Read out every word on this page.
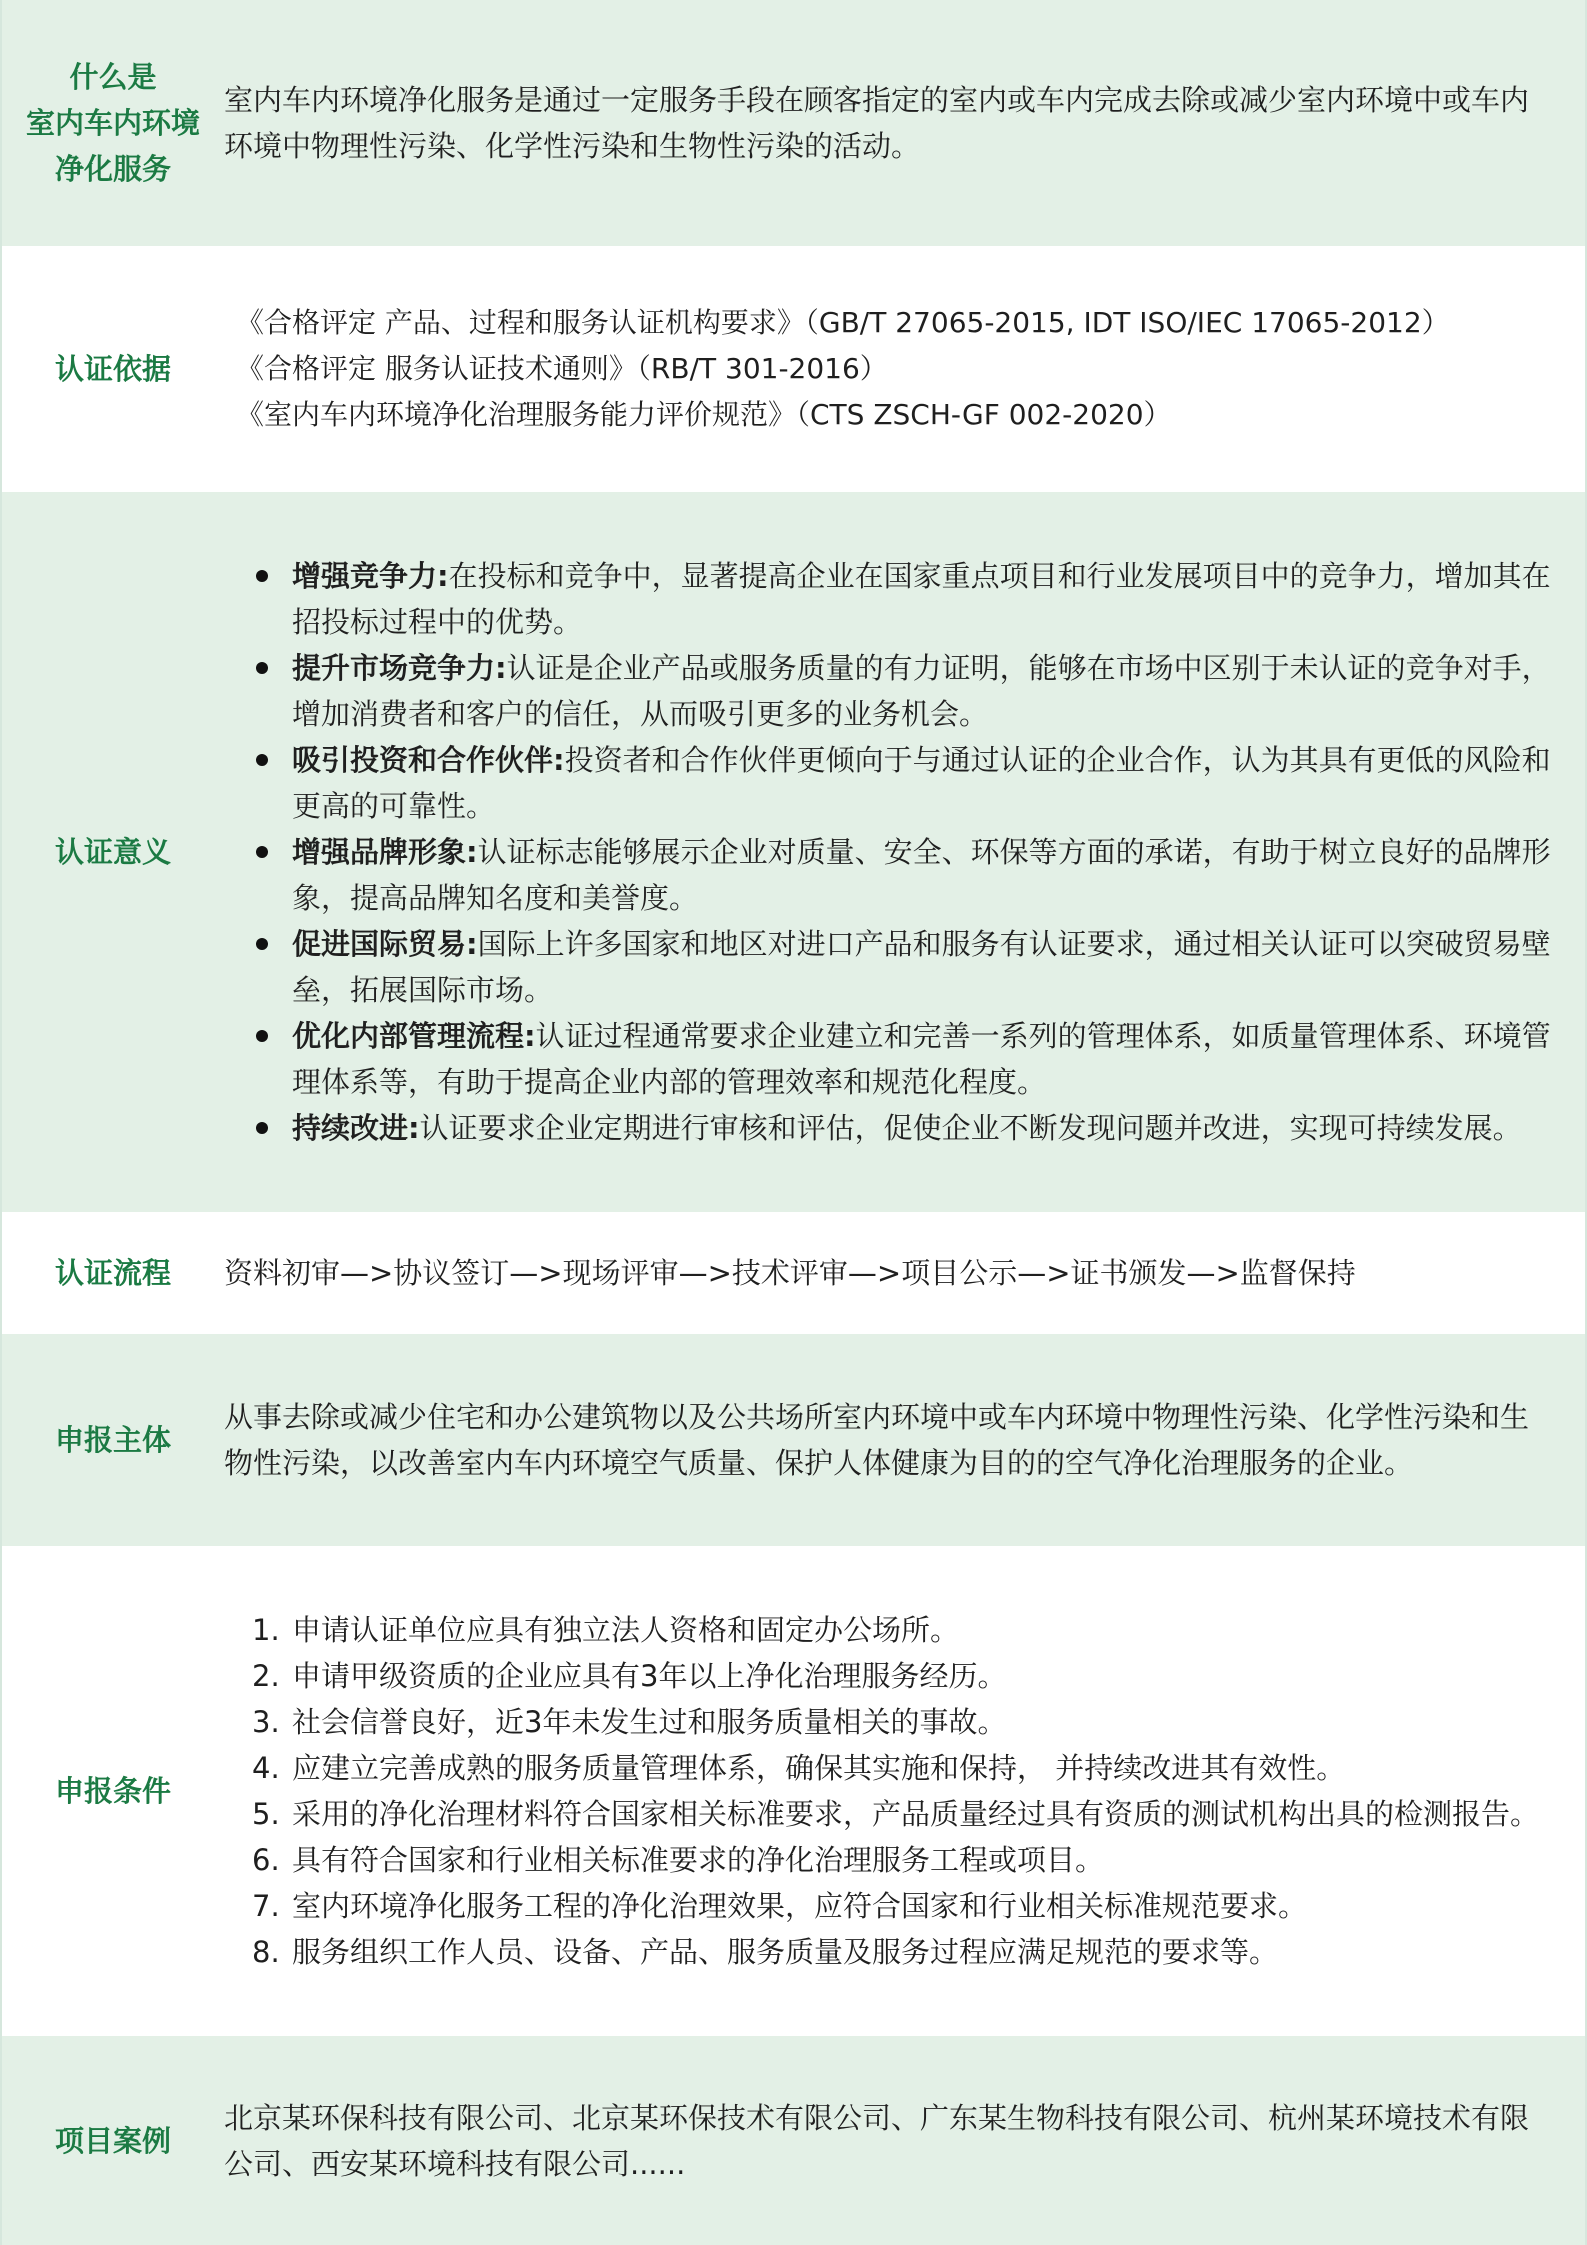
什么是
室内车内环境
净化服务
室内车内环境净化服务是通过一定服务手段在顾客指定的室内或车内完成去除或减少室内环境中或车内环境中物理性污染、化学性污染和生物性污染的活动。
认证依据
《合格评定 产品、过程和服务认证机构要求》（GB/T 27065-2015, IDT ISO/IEC 17065-2012）
《合格评定 服务认证技术通则》（RB/T 301-2016）
《室内车内环境净化治理服务能力评价规范》（CTS ZSCH-GF 002-2020）
认证意义
增强竞争力:在投标和竞争中，显著提高企业在国家重点项目和行业发展项目中的竞争力，增加其在招投标过程中的优势。
提升市场竞争力:认证是企业产品或服务质量的有力证明，能够在市场中区别于未认证的竞争对手，增加消费者和客户的信任，从而吸引更多的业务机会。
吸引投资和合作伙伴:投资者和合作伙伴更倾向于与通过认证的企业合作，认为其具有更低的风险和更高的可靠性。
增强品牌形象:认证标志能够展示企业对质量、安全、环保等方面的承诺，有助于树立良好的品牌形象，提高品牌知名度和美誉度。
促进国际贸易:国际上许多国家和地区对进口产品和服务有认证要求，通过相关认证可以突破贸易壁垒，拓展国际市场。
优化内部管理流程:认证过程通常要求企业建立和完善一系列的管理体系，如质量管理体系、环境管理体系等，有助于提高企业内部的管理效率和规范化程度。
持续改进:认证要求企业定期进行审核和评估，促使企业不断发现问题并改进，实现可持续发展。
认证流程	资料初审—>协议签订—>现场评审—>技术评审—>项目公示—>证书颁发—>监督保持
申报主体
从事去除或减少住宅和办公建筑物以及公共场所室内环境中或车内环境中物理性污染、化学性污染和生物性污染，以改善室内车内环境空气质量、保护人体健康为目的的空气净化治理服务的企业。
申报条件
1. 申请认证单位应具有独立法人资格和固定办公场所。
2. 申请甲级资质的企业应具有3年以上净化治理服务经历。
3. 社会信誉良好，近3年未发生过和服务质量相关的事故。
4. 应建立完善成熟的服务质量管理体系，确保其实施和保持， 并持续改进其有效性。
5. 采用的净化治理材料符合国家相关标准要求，产品质量经过具有资质的测试机构出具的检测报告。
6. 具有符合国家和行业相关标准要求的净化治理服务工程或项目。
7. 室内环境净化服务工程的净化治理效果，应符合国家和行业相关标准规范要求。
8. 服务组织工作人员、设备、产品、服务质量及服务过程应满足规范的要求等。
项目案例
北京某环保科技有限公司、北京某环保技术有限公司、广东某生物科技有限公司、杭州某环境技术有限公司、西安某环境科技有限公司......
